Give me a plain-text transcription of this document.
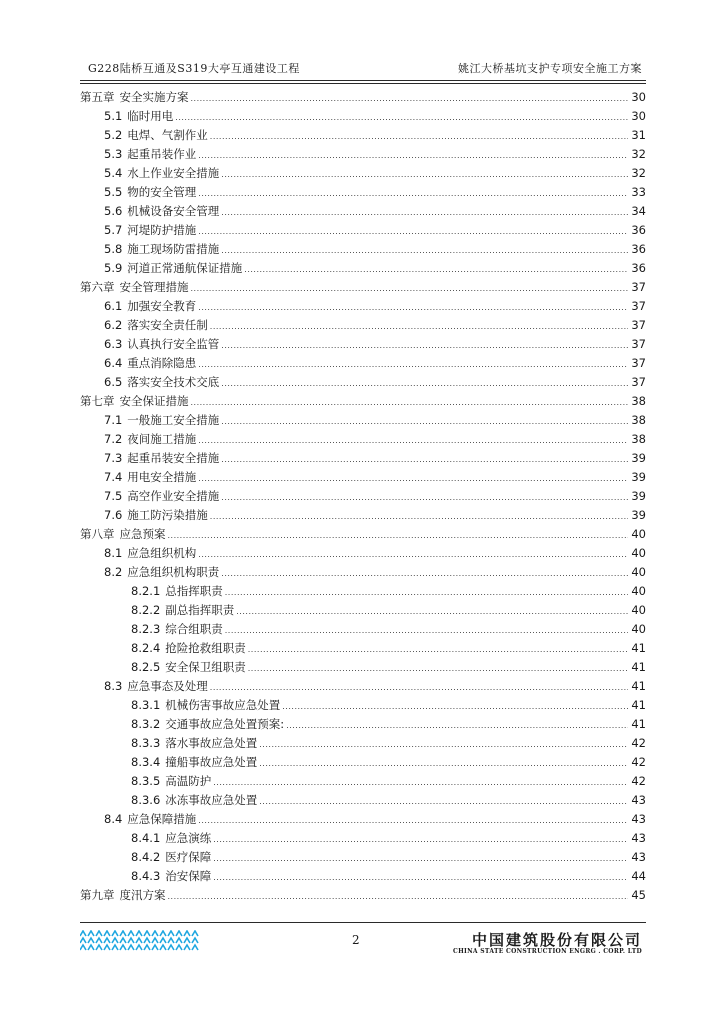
G228陆桥互通及S319大亭互通建设工程	姚江大桥基坑支护专项安全施工方案
第五章 安全实施方案 .....	30
5.1 临时用电 .....	30
5.2 电焊、气割作业 .....	31
5.3 起重吊装作业 .....	32
5.4 水上作业安全措施 .....	32
5.5 物的安全管理 .....	33
5.6 机械设备安全管理 .....	34
5.7 河堤防护措施 .....	36
5.8 施工现场防雷措施 .....	36
5.9 河道正常通航保证措施 .....	36
第六章 安全管理措施 .....	37
6.1 加强安全教育 .....	37
6.2 落实安全责任制 .....	37
6.3 认真执行安全监管 .....	37
6.4 重点消除隐患 .....	37
6.5 落实安全技术交底 .....	37
第七章 安全保证措施 .....	38
7.1 一般施工安全措施 .....	38
7.2 夜间施工措施 .....	38
7.3 起重吊装安全措施 .....	39
7.4 用电安全措施 .....	39
7.5 高空作业安全措施 .....	39
7.6 施工防污染措施 .....	39
第八章 应急预案 .....	40
8.1 应急组织机构 .....	40
8.2 应急组织机构职责 .....	40
8.2.1 总指挥职责 .....	40
8.2.2 副总指挥职责 .....	40
8.2.3 综合组职责 .....	40
8.2.4 抢险抢救组职责 .....	41
8.2.5 安全保卫组职责 .....	41
8.3 应急事态及处理 .....	41
8.3.1 机械伤害事故应急处置 .....	41
8.3.2 交通事故应急处置预案: .....	41
8.3.3 落水事故应急处置 .....	42
8.3.4 撞船事故应急处置 .....	42
8.3.5 高温防护 .....	42
8.3.6 冰冻事故应急处置 .....	43
8.4 应急保障措施 .....	43
8.4.1 应急演练 .....	43
8.4.2 医疗保障 .....	43
8.4.3 治安保障 .....	44
第九章 度汛方案 .....	45
2	中国建筑股份有限公司
CHINA STATE CONSTRUCTION ENGRG . CORP. LTD
